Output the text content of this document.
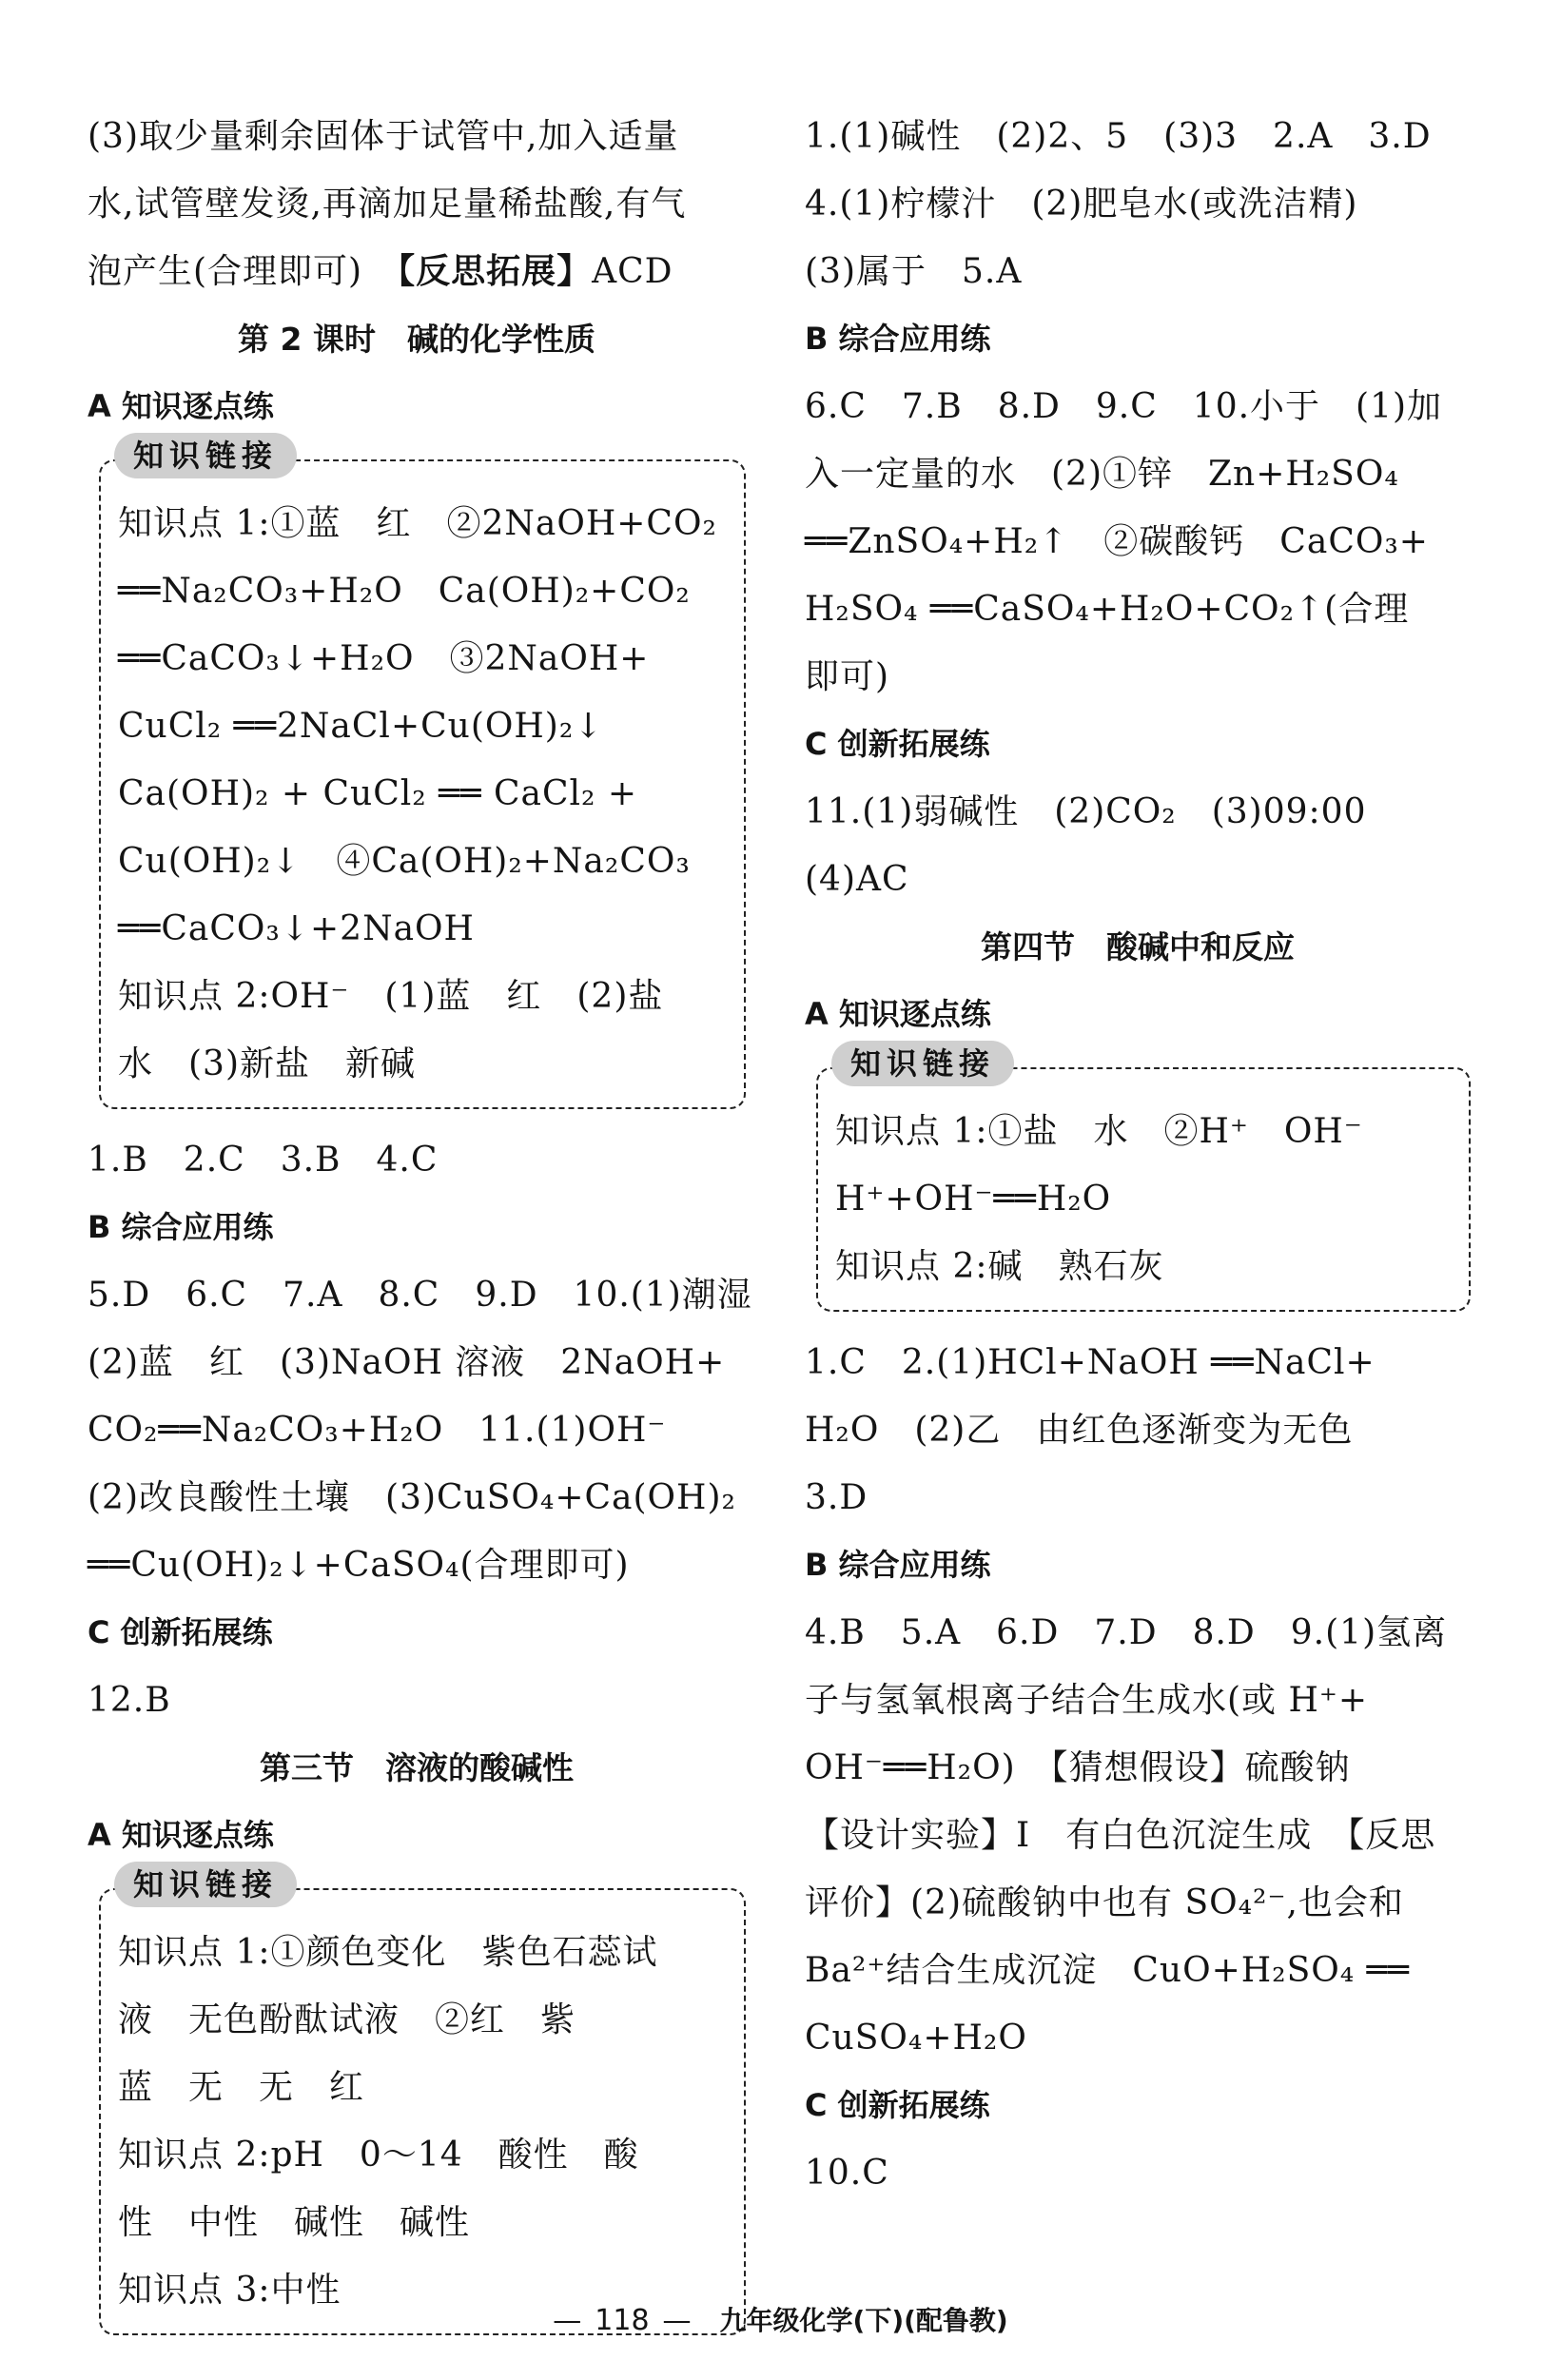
(3)取少量剩余固体于试管中,加入适量
水,试管壁发烫,再滴加足量稀盐酸,有气
泡产生(合理即可)　 【反思拓展】ACD
第 2 课时　碱的化学性质
A 知识逐点练
知识链接
知识点 1:①蓝　红　②2NaOH+CO₂
══Na₂CO₃+H₂O　Ca(OH)₂+CO₂
══CaCO₃↓+H₂O　③2NaOH+
CuCl₂ ══2NaCl+Cu(OH)₂↓
Ca(OH)₂ + CuCl₂ ══ CaCl₂ +
Cu(OH)₂↓　④Ca(OH)₂+Na₂CO₃
══CaCO₃↓+2NaOH
知识点 2:OH⁻　(1)蓝　红　(2)盐
水　(3)新盐　新碱
1.B　2.C　3.B　4.C
B 综合应用练
5.D　6.C　7.A　8.C　9.D　10.(1)潮湿
(2)蓝　红　(3)NaOH 溶液　2NaOH+
CO₂══Na₂CO₃+H₂O　11.(1)OH⁻
(2)改良酸性土壤　(3)CuSO₄+Ca(OH)₂
══Cu(OH)₂↓+CaSO₄(合理即可)
C 创新拓展练
12.B
第三节　溶液的酸碱性
A 知识逐点练
知识链接
知识点 1:①颜色变化　紫色石蕊试
液　无色酚酞试液　②红　紫
蓝　无　无　红
知识点 2:pH　0～14　酸性　酸
性　中性　碱性　碱性
知识点 3:中性
1.(1)碱性　(2)2、5　(3)3　2.A　3.D
4.(1)柠檬汁　(2)肥皂水(或洗洁精)
(3)属于　5.A
B 综合应用练
6.C　7.B　8.D　9.C　10.小于　(1)加
入一定量的水　(2)①锌　Zn+H₂SO₄
══ZnSO₄+H₂↑　②碳酸钙　CaCO₃+
H₂SO₄ ══CaSO₄+H₂O+CO₂↑(合理
即可)
C 创新拓展练
11.(1)弱碱性　(2)CO₂　(3)09:00
(4)AC
第四节　酸碱中和反应
A 知识逐点练
知识链接
知识点 1:①盐　水　②H⁺　OH⁻
H⁺+OH⁻══H₂O
知识点 2:碱　熟石灰
1.C　2.(1)HCl+NaOH ══NaCl+
H₂O　(2)乙　由红色逐渐变为无色
3.D
B 综合应用练
4.B　5.A　6.D　7.D　8.D　9.(1)氢离
子与氢氧根离子结合生成水(或 H⁺+
OH⁻══H₂O)　【猜想假设】硫酸钠
【设计实验】Ⅰ　有白色沉淀生成　【反思
评价】(2)硫酸钠中也有 SO₄²⁻,也会和
Ba²⁺结合生成沉淀　CuO+H₂SO₄ ══
CuSO₄+H₂O
C 创新拓展练
10.C
— 118 —　 九年级化学(下)(配鲁教)
